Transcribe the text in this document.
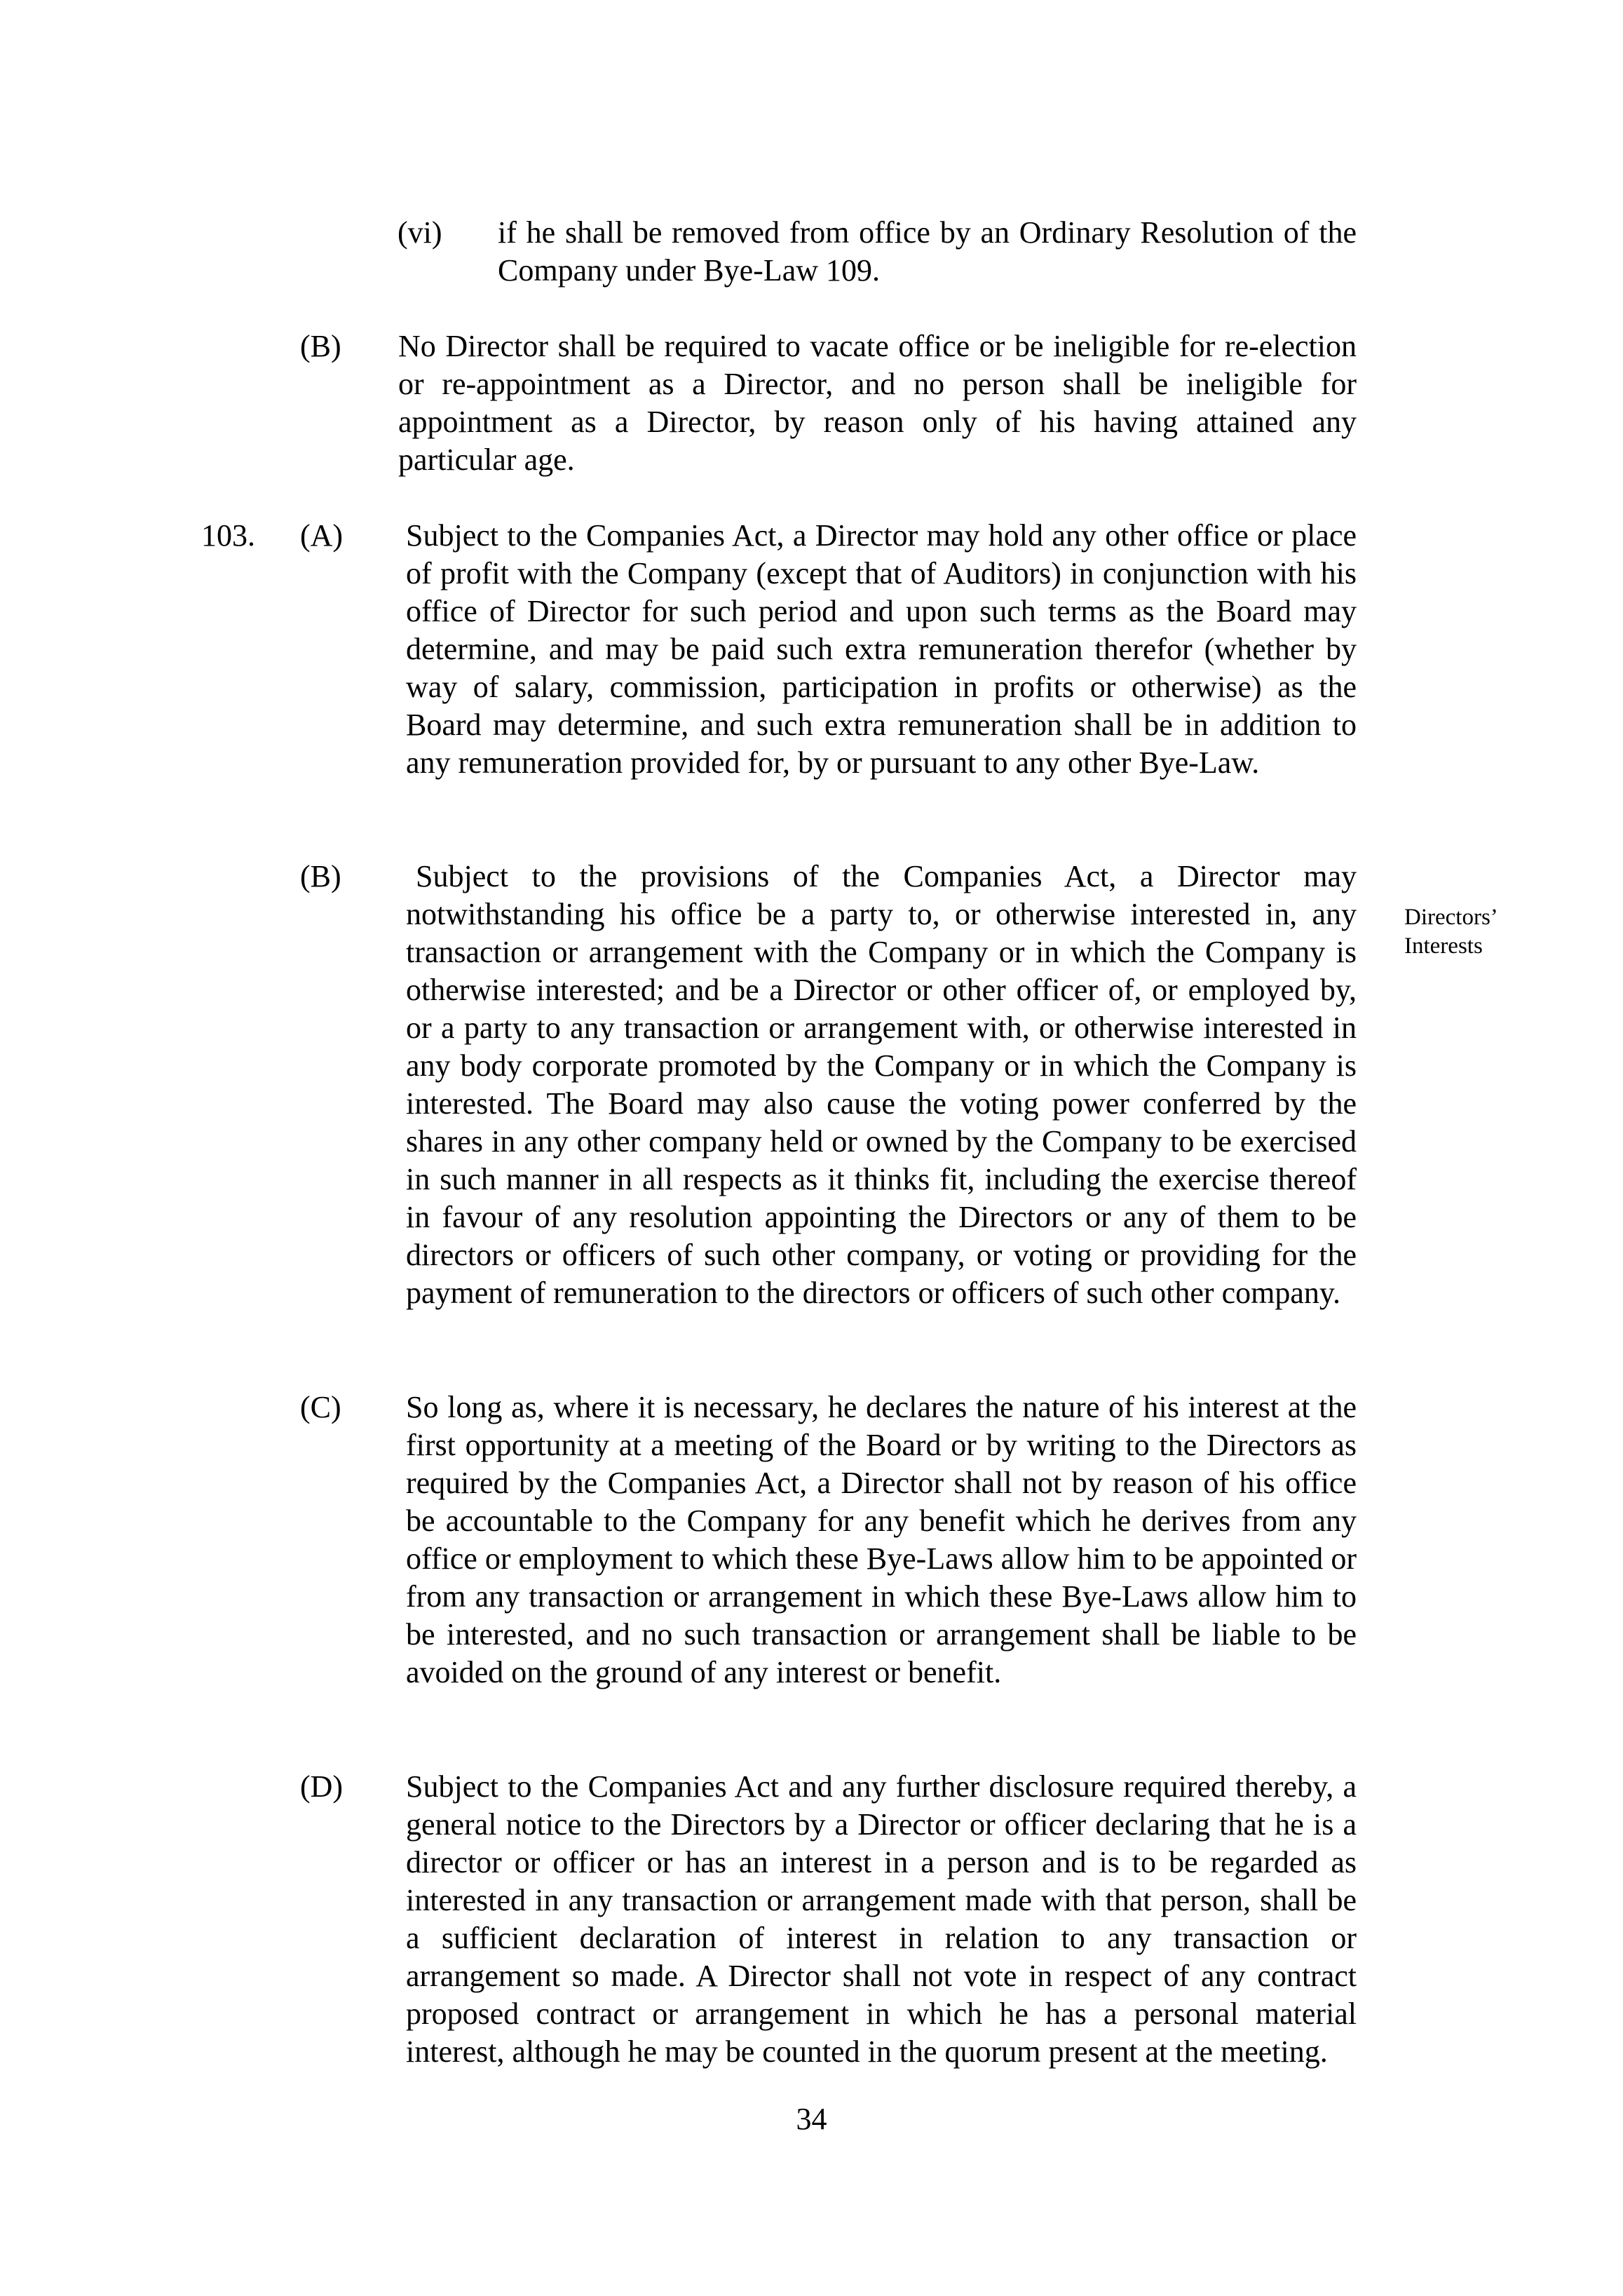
(vi) if he shall be removed from office by an Ordinary Resolution of the Company under Bye-Law 109.

(B) No Director shall be required to vacate office or be ineligible for re-election or re-appointment as a Director, and no person shall be ineligible for appointment as a Director, by reason only of his having attained any particular age.

103. (A) Subject to the Companies Act, a Director may hold any other office or place of profit with the Company (except that of Auditors) in conjunction with his office of Director for such period and upon such terms as the Board may determine, and may be paid such extra remuneration therefor (whether by way of salary, commission, participation in profits or otherwise) as the Board may determine, and such extra remuneration shall be in addition to any remuneration provided for, by or pursuant to any other Bye-Law.

(B)	Subject to the provisions of the Companies Act, a Director may notwithstanding his office be a party to, or otherwise interested in, any transaction or arrangement with the Company or in which the Company is otherwise interested; and be a Director or other officer of, or employed by, or a party to any transaction or arrangement with, or otherwise interested in any body corporate promoted by the Company or in which the Company is interested. The Board may also cause the voting power conferred by the shares in any other company held or owned by the Company to be exercised in such manner in all respects as it thinks fit, including the exercise thereof in favour of any resolution appointing the Directors or any of them to be directors or officers of such other company, or voting or providing for the payment of remuneration to the directors or officers of such other company.

(C) So long as, where it is necessary, he declares the nature of his interest at the first opportunity at a meeting of the Board or by writing to the Directors as required by the Companies Act, a Director shall not by reason of his office be accountable to the Company for any benefit which he derives from any office or employment to which these Bye-Laws allow him to be appointed or from any transaction or arrangement in which these Bye-Laws allow him to be interested, and no such transaction or arrangement shall be liable to be avoided on the ground of any interest or benefit.

(D) Subject to the Companies Act and any further disclosure required thereby, a general notice to the Directors by a Director or officer declaring that he is a director or officer or has an interest in a person and is to be regarded as interested in any transaction or arrangement made with that person, shall be a sufficient declaration of interest in relation to any transaction or arrangement so made. A Director shall not vote in respect of any contract proposed contract or arrangement in which he has a personal material interest, although he may be counted in the quorum present at the meeting.

Directors’ Interests
34
